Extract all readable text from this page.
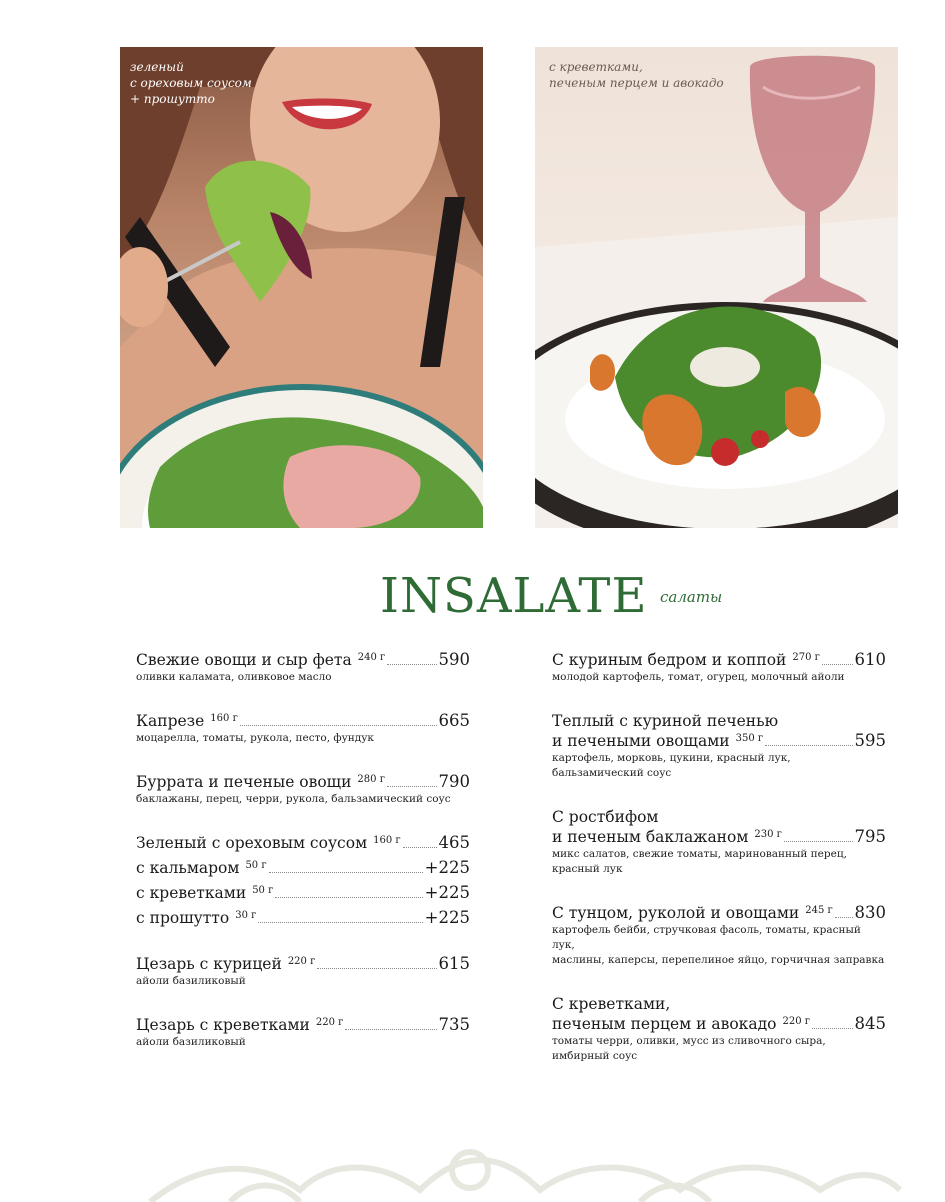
зеленый
с ореховым соусом
+ прошутто
с креветками,
печеным перцем и авокадо
INSALATE салаты
Свежие овощи и сыр фета 240 г	590
оливки каламата, оливковое масло
Капрезе 160 г	665
моцарелла, томаты, рукола, песто, фундук
Буррата и печеные овощи 280 г	790
баклажаны, перец, черри, рукола, бальзамический соус
Зеленый с ореховым соусом 160 г 465
с кальмаром 50 г	+225
с креветками 50 г	+225
с прошутто 30 г	+225
Цезарь с курицей 220 г	615
айоли базиликовый
Цезарь с креветками 220 г	735
айоли базиликовый
С куриным бедром и коппой 270 г 610
молодой картофель, томат, огурец, молочный айоли
Теплый с куриной печенью
и печеными овощами 350 г	595
картофель, морковь, цукини, красный лук,
бальзамический соус
С ростбифом
и печеным баклажаном 230 г	795
микс салатов, свежие томаты, маринованный перец,
красный лук
С тунцом, руколой и овощами 245 г 830
картофель бейби, стручковая фасоль, томаты, красный лук,
маслины, каперсы, перепелиное яйцо, горчичная заправка
С креветками,
печеным перцем и авокадо 220 г	845
томаты черри, оливки, мусс из сливочного сыра,
имбирный соус
